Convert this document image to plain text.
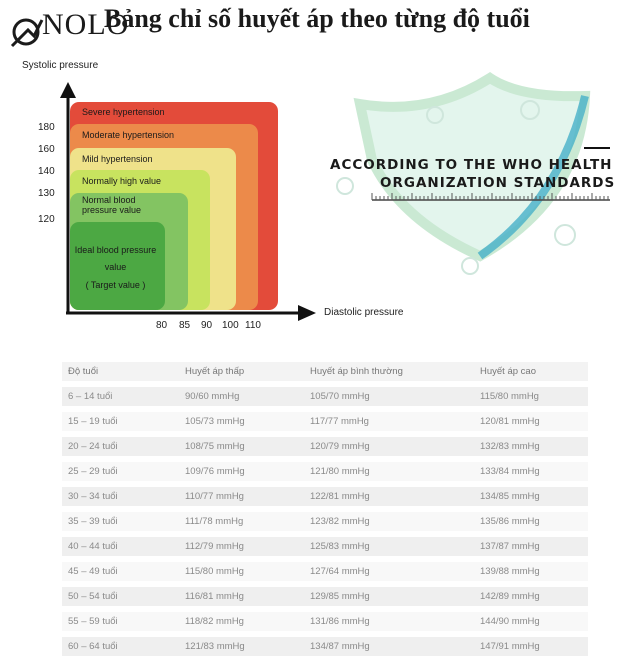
NOLO
Bảng chỉ số huyết áp theo từng độ tuổi
Systolic pressure
Diastolic pressure
Severe hypertension
Moderate hypertension
Mild hypertension
Normally high value
Normal blood
pressure value
Ideal blood pressure
value
( Target value )
180
160
140
130
120
80 85 90 100 110
ACCORDING TO THE WHO HEALTH
ORGANIZATION STANDARDS
Độ tuổi	Huyết áp thấp	Huyết áp bình thường	Huyết áp cao
6 – 14 tuổi	90/60 mmHg	105/70 mmHg	115/80 mmHg
15 – 19 tuổi	105/73 mmHg	117/77 mmHg	120/81 mmHg
20 – 24 tuổi	108/75 mmHg	120/79 mmHg	132/83 mmHg
25 – 29 tuổi	109/76 mmHg	121/80 mmHg	133/84 mmHg
30 – 34 tuổi	110/77 mmHg	122/81 mmHg	134/85 mmHg
35 – 39 tuổi	111/78 mmHg	123/82 mmHg	135/86 mmHg
40 – 44 tuổi	112/79 mmHg	125/83 mmHg	137/87 mmHg
45 – 49 tuổi	115/80 mmHg	127/64 mmHg	139/88 mmHg
50 – 54 tuổi	116/81 mmHg	129/85 mmHg	142/89 mmHg
55 – 59 tuổi	118/82 mmHg	131/86 mmHg	144/90 mmHg
60 – 64 tuổi	121/83 mmHg	134/87 mmHg	147/91 mmHg
